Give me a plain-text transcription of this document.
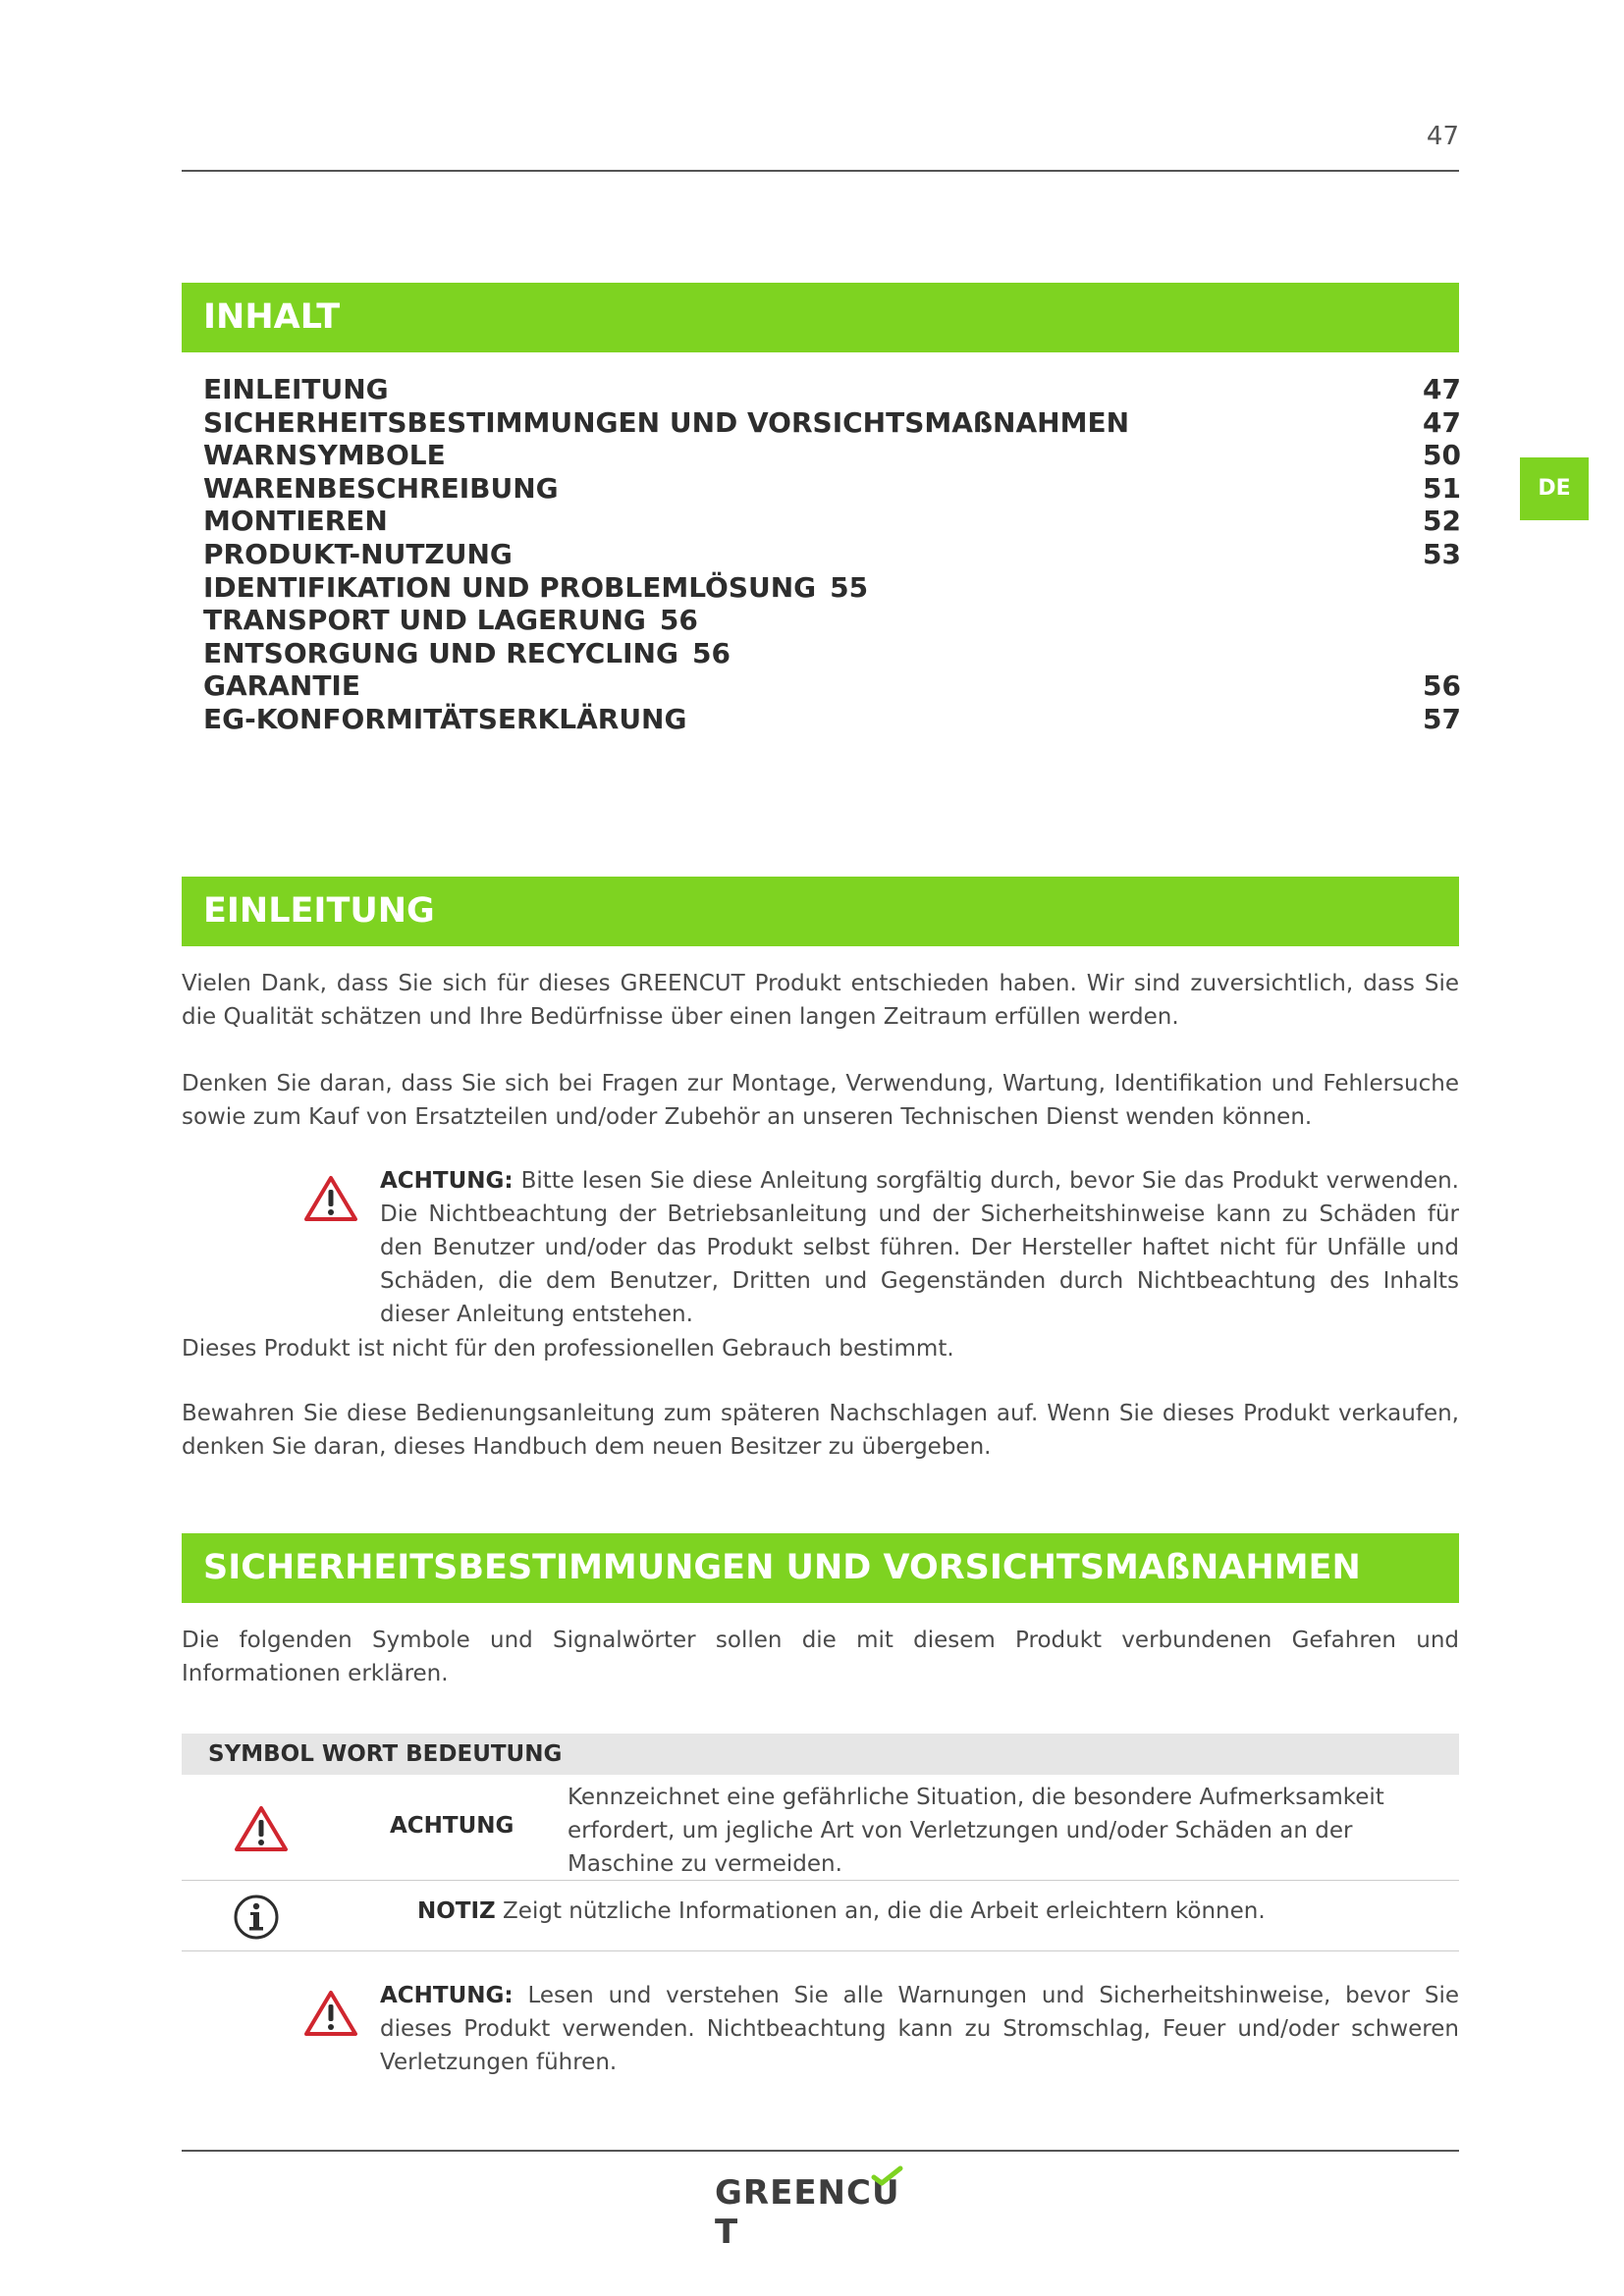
47
DE
INHALT
EINLEITUNG	47
SICHERHEITSBESTIMMUNGEN UND VORSICHTSMAßNAHMEN	47
WARNSYMBOLE	50
WARENBESCHREIBUNG	51
MONTIEREN	52
PRODUKT-NUTZUNG	53
IDENTIFIKATION UND PROBLEMLÖSUNG 55
TRANSPORT UND LAGERUNG 56
ENTSORGUNG UND RECYCLING 56
GARANTIE	56
EG-KONFORMITÄTSERKLÄRUNG	57
EINLEITUNG

Vielen Dank, dass Sie sich für dieses GREENCUT Produkt entschieden haben. Wir sind zuversichtlich, dass Sie die Qualität schätzen und Ihre Bedürfnisse über einen langen Zeitraum erfüllen werden.

Denken Sie daran, dass Sie sich bei Fragen zur Montage, Verwendung, Wartung, Identifikation und Fehlersuche sowie zum Kauf von Ersatzteilen und/oder Zubehör an unseren Technischen Dienst wenden können.

ACHTUNG: Bitte lesen Sie diese Anleitung sorgfältig durch, bevor Sie das Produkt verwenden. Die Nichtbeachtung der Betriebsanleitung und der Sicherheitshinweise kann zu Schäden für den Benutzer und/oder das Produkt selbst führen. Der Hersteller haftet nicht für Unfälle und Schäden, die dem Benutzer, Dritten und Gegenständen durch Nichtbeachtung des Inhalts dieser Anleitung entstehen.

Dieses Produkt ist nicht für den professionellen Gebrauch bestimmt.

Bewahren Sie diese Bedienungsanleitung zum späteren Nachschlagen auf. Wenn Sie dieses Produkt verkaufen, denken Sie daran, dieses Handbuch dem neuen Besitzer zu übergeben.

SICHERHEITSBESTIMMUNGEN UND VORSICHTSMAßNAHMEN

Die folgenden Symbole und Signalwörter sollen die mit diesem Produkt verbundenen Gefahren und Informationen erklären.

SYMBOL WORT BEDEUTUNG
ACHTUNG

Kennzeichnet eine gefährliche Situation, die besondere Aufmerksamkeit erfordert, um jegliche Art von Verletzungen und/oder Schäden an der Maschine zu vermeiden.

NOTIZ Zeigt nützliche Informationen an, die die Arbeit erleichtern können.

ACHTUNG: Lesen und verstehen Sie alle Warnungen und Sicherheitshinweise, bevor Sie dieses Produkt verwenden. Nichtbeachtung kann zu Stromschlag, Feuer und/oder schweren Verletzungen führen.

GREENCU
T
